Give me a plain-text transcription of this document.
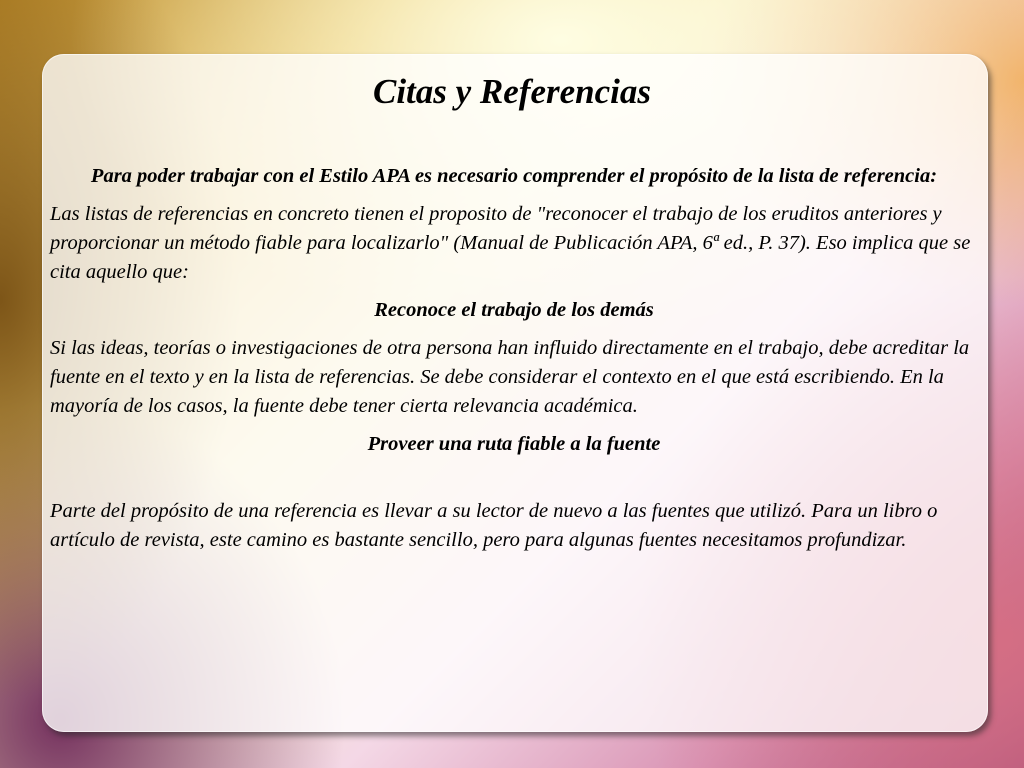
Citas y Referencias

Para poder trabajar con el Estilo APA es necesario comprender el propósito de la lista de referencia:

Las listas de referencias en concreto tienen el proposito de "reconocer el trabajo de los eruditos anteriores y proporcionar un método fiable para localizarlo" (Manual de Publicación APA, 6ª ed., P. 37). Eso implica que se cita aquello que:

Reconoce el trabajo de los demás

Si las ideas, teorías o investigaciones de otra persona han influido directamente en el trabajo, debe acreditar la fuente en el texto y en la lista de referencias. Se debe considerar el contexto en el que está escribiendo. En la mayoría de los casos, la fuente debe tener cierta relevancia académica.

Proveer una ruta fiable a la fuente

Parte del propósito de una referencia es llevar a su lector de nuevo a las fuentes que utilizó. Para un libro o artículo de revista, este camino es bastante sencillo, pero para algunas fuentes necesitamos profundizar.
